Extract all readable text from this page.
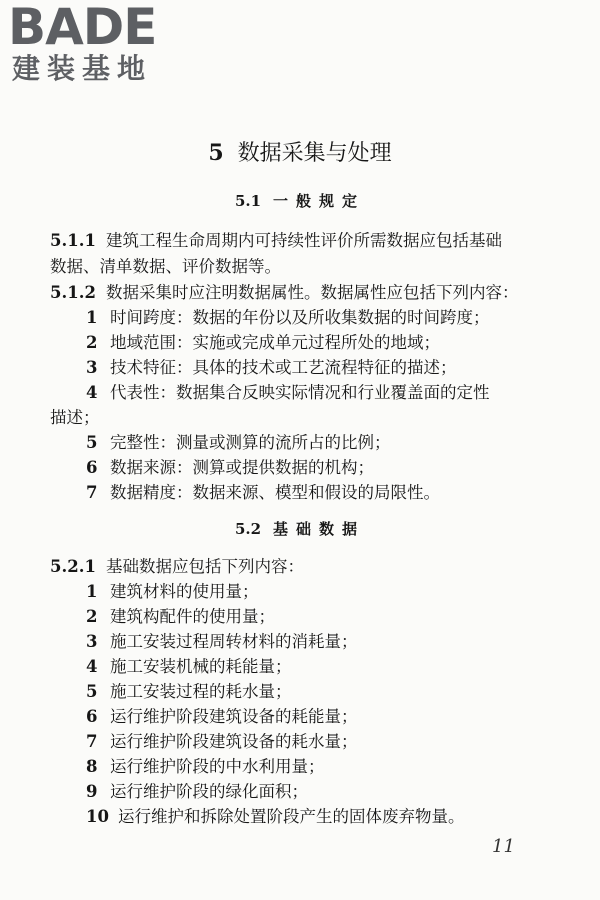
BADE
建装基地
5 数据采集与处理
5.1 一般规定
5.1.1 建筑工程生命周期内可持续性评价所需数据应包括基础
数据、清单数据、评价数据等。
5.1.2 数据采集时应注明数据属性。数据属性应包括下列内容：
1 时间跨度：数据的年份以及所收集数据的时间跨度；
2 地域范围：实施或完成单元过程所处的地域；
3 技术特征：具体的技术或工艺流程特征的描述；
4 代表性：数据集合反映实际情况和行业覆盖面的定性
描述；
5 完整性：测量或测算的流所占的比例；
6 数据来源：测算或提供数据的机构；
7 数据精度：数据来源、模型和假设的局限性。
5.2 基础数据
5.2.1 基础数据应包括下列内容：
1 建筑材料的使用量；
2 建筑构配件的使用量；
3 施工安装过程周转材料的消耗量；
4 施工安装机械的耗能量；
5 施工安装过程的耗水量；
6 运行维护阶段建筑设备的耗能量；
7 运行维护阶段建筑设备的耗水量；
8 运行维护阶段的中水利用量；
9 运行维护阶段的绿化面积；
10 运行维护和拆除处置阶段产生的固体废弃物量。
11
